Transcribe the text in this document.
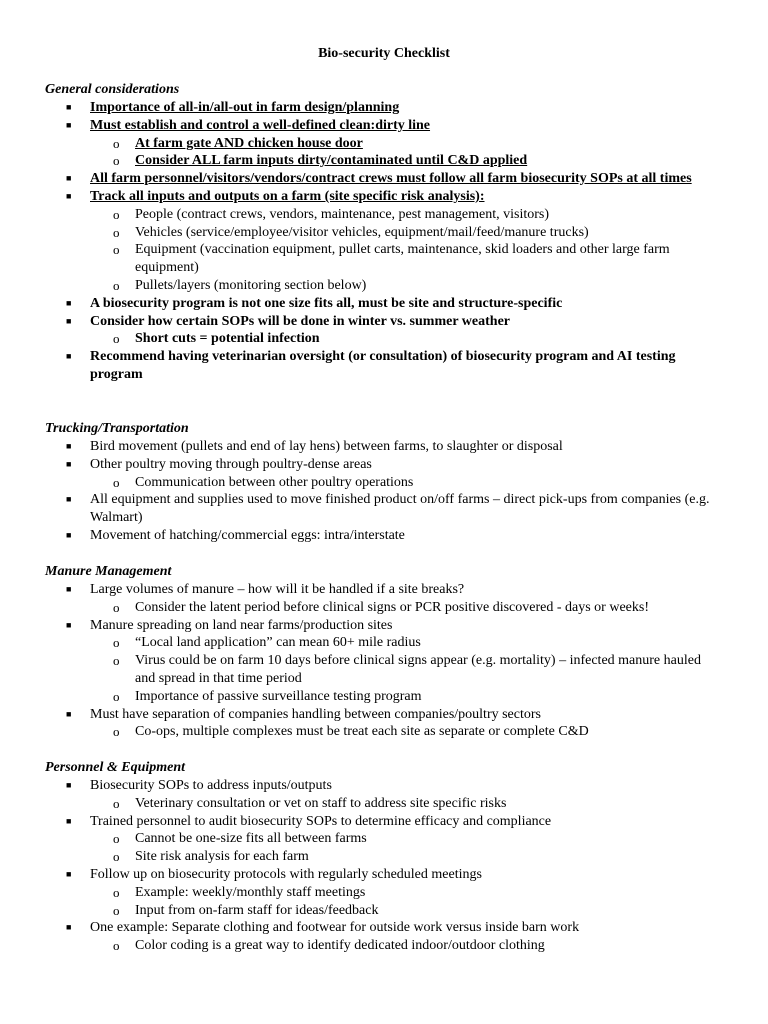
Bio-security Checklist

General considerations

■ Importance of all-in/all-out in farm design/planning
■ Must establish and control a well-defined clean:dirty line
o At farm gate AND chicken house door
o Consider ALL farm inputs dirty/contaminated until C&D applied
■ All farm personnel/visitors/vendors/contract crews must follow all farm biosecurity SOPs at all times
■ Track all inputs and outputs on a farm (site specific risk analysis):
o People (contract crews, vendors, maintenance, pest management, visitors)
o Vehicles (service/employee/visitor vehicles, equipment/mail/feed/manure trucks)
o Equipment (vaccination equipment, pullet carts, maintenance, skid loaders and other large farm equipment)
o Pullets/layers (monitoring section below)
■ A biosecurity program is not one size fits all, must be site and structure-specific
■ Consider how certain SOPs will be done in winter vs. summer weather
o Short cuts = potential infection
■ Recommend having veterinarian oversight (or consultation) of biosecurity program and AI testing program

Trucking/Transportation

■ Bird movement (pullets and end of lay hens) between farms, to slaughter or disposal
■ Other poultry moving through poultry-dense areas
o Communication between other poultry operations
■ All equipment and supplies used to move finished product on/off farms – direct pick-ups from companies (e.g. Walmart)
■ Movement of hatching/commercial eggs: intra/interstate

Manure Management

■ Large volumes of manure – how will it be handled if a site breaks?
o Consider the latent period before clinical signs or PCR positive discovered - days or weeks!
■ Manure spreading on land near farms/production sites
o “Local land application” can mean 60+ mile radius
o Virus could be on farm 10 days before clinical signs appear (e.g. mortality) – infected manure hauled and spread in that time period
o Importance of passive surveillance testing program
■ Must have separation of companies handling between companies/poultry sectors
o Co-ops, multiple complexes must be treat each site as separate or complete C&D

Personnel & Equipment

■ Biosecurity SOPs to address inputs/outputs
o Veterinary consultation or vet on staff to address site specific risks
■ Trained personnel to audit biosecurity SOPs to determine efficacy and compliance
o Cannot be one-size fits all between farms
o Site risk analysis for each farm
■ Follow up on biosecurity protocols with regularly scheduled meetings
o Example: weekly/monthly staff meetings
o Input from on-farm staff for ideas/feedback
■ One example: Separate clothing and footwear for outside work versus inside barn work
o Color coding is a great way to identify dedicated indoor/outdoor clothing
